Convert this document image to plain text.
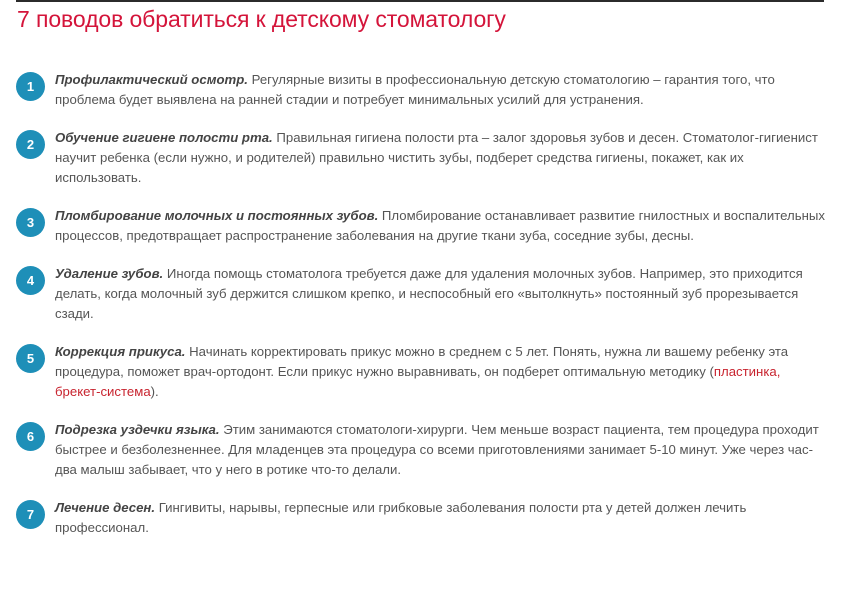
7 поводов обратиться к детскому стоматологу
1	Профилактический осмотр. Регулярные визиты в профессиональную детскую стоматологию – гарантия того, что проблема будет выявлена на ранней стадии и потребует минимальных усилий для устранения.
2	Обучение гигиене полости рта. Правильная гигиена полости рта – залог здоровья зубов и десен. Стоматолог-гигиенист научит ребенка (если нужно, и родителей) правильно чистить зубы, подберет средства гигиены, покажет, как их использовать.
3	Пломбирование молочных и постоянных зубов. Пломбирование останавливает развитие гнилостных и воспалительных процессов, предотвращает распространение заболевания на другие ткани зуба, соседние зубы, десны.
4	Удаление зубов. Иногда помощь стоматолога требуется даже для удаления молочных зубов. Например, это приходится делать, когда молочный зуб держится слишком крепко, и неспособный его «вытолкнуть» постоянный зуб прорезывается сзади.
5	Коррекция прикуса. Начинать корректировать прикус можно в среднем с 5 лет. Понять, нужна ли вашему ребенку эта процедура, поможет врач-ортодонт. Если прикус нужно выравнивать, он подберет оптимальную методику (пластинка, брекет-система).
6	Подрезка уздечки языка. Этим занимаются стоматологи-хирурги. Чем меньше возраст пациента, тем процедура проходит быстрее и безболезненнее. Для младенцев эта процедура со всеми приготовлениями занимает 5-10 минут. Уже через час-два малыш забывает, что у него в ротике что-то делали.
7	Лечение десен. Гингивиты, нарывы, герпесные или грибковые заболевания полости рта у детей должен лечить профессионал.
